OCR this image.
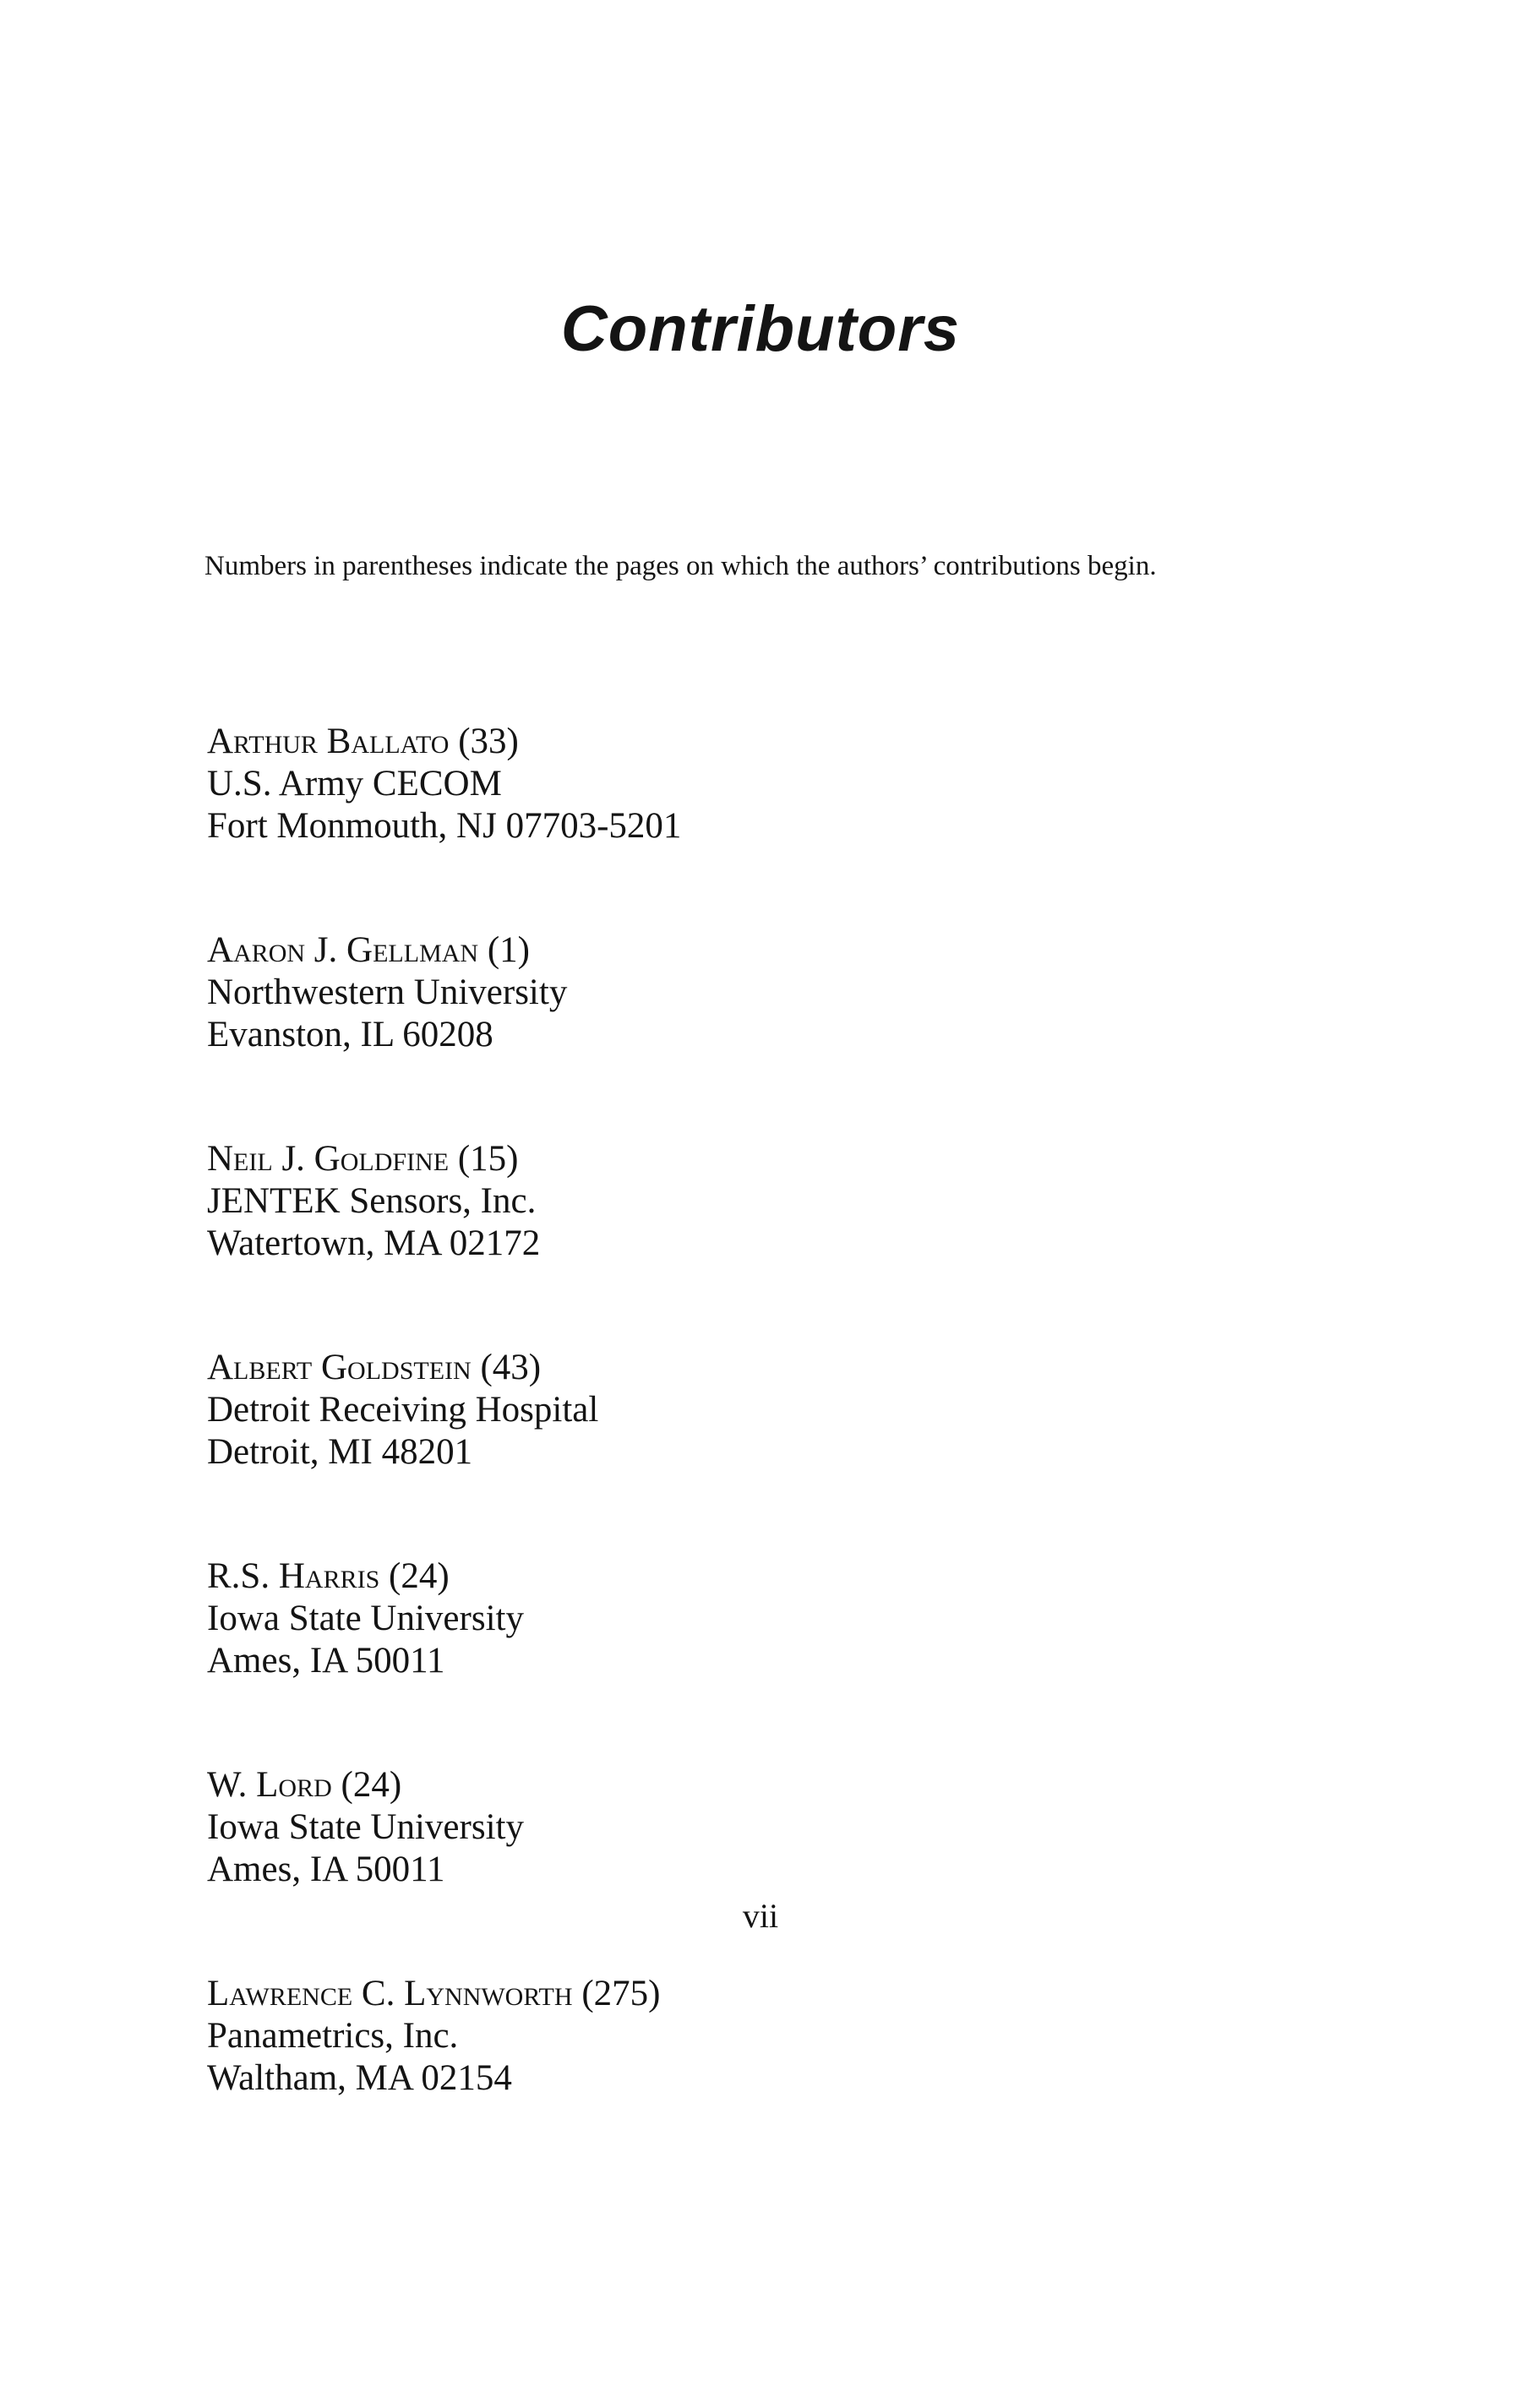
Contributors
Numbers in parentheses indicate the pages on which the authors’ contributions begin.
Arthur Ballato (33)
U.S. Army CECOM
Fort Monmouth, NJ 07703-5201
Aaron J. Gellman (1)
Northwestern University
Evanston, IL 60208
Neil J. Goldfine (15)
JENTEK Sensors, Inc.
Watertown, MA 02172
Albert Goldstein (43)
Detroit Receiving Hospital
Detroit, MI 48201
R.S. Harris (24)
Iowa State University
Ames, IA 50011
W. Lord (24)
Iowa State University
Ames, IA 50011
Lawrence C. Lynnworth (275)
Panametrics, Inc.
Waltham, MA 02154
vii
